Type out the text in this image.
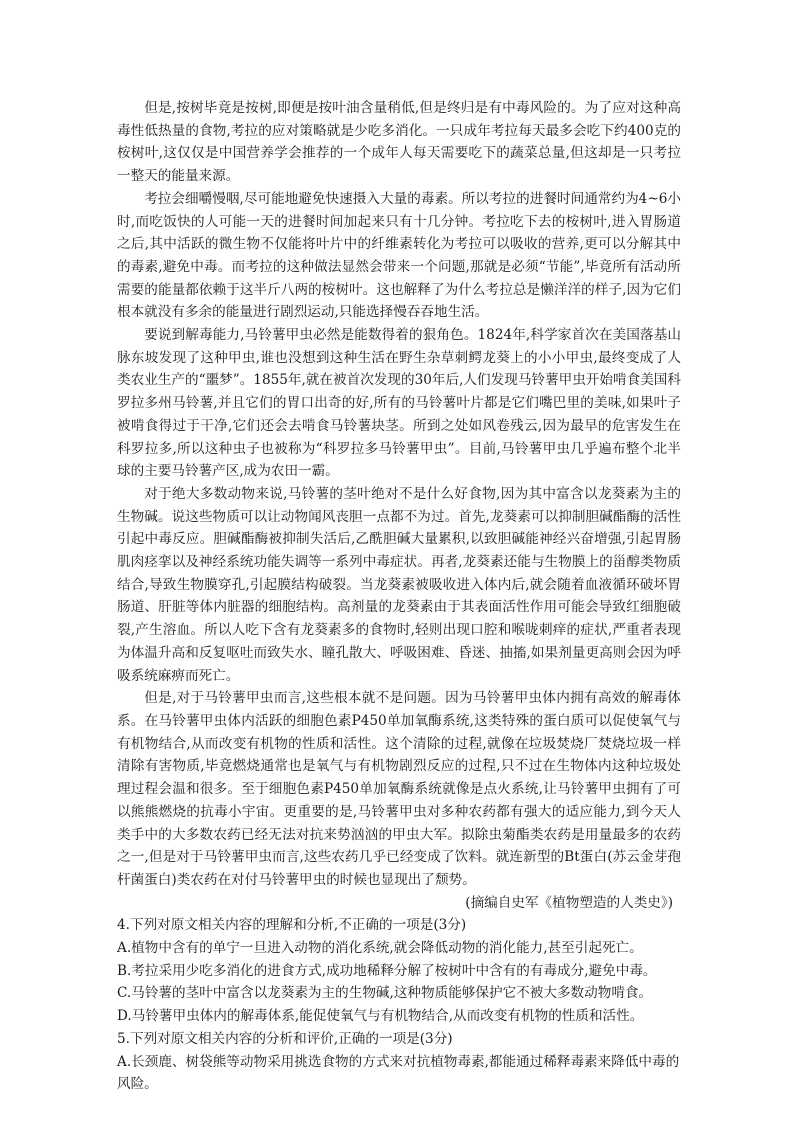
但是,按树毕竟是按树,即便是按叶油含量稍低,但是终归是有中毒风险的。为了应对这种高毒性低热量的食物,考拉的应对策略就是少吃多消化。一只成年考拉每天最多会吃下约400克的桉树叶,这仅仅是中国营养学会推荐的一个成年人每天需要吃下的蔬菜总量,但这却是一只考拉一整天的能量来源。

考拉会细嚼慢咽,尽可能地避免快速摄入大量的毒素。所以考拉的进餐时间通常约为4~6小时,而吃饭快的人可能一天的进餐时间加起来只有十几分钟。考拉吃下去的桉树叶,进入胃肠道之后,其中活跃的微生物不仅能将叶片中的纤维素转化为考拉可以吸收的营养,更可以分解其中的毒素,避免中毒。而考拉的这种做法显然会带来一个问题,那就是必须“节能”,毕竟所有活动所需要的能量都依赖于这半斤八两的桉树叶。这也解释了为什么考拉总是懒洋洋的样子,因为它们根本就没有多余的能量进行剧烈运动,只能选择慢吞吞地生活。

要说到解毒能力,马铃薯甲虫必然是能数得着的狠角色。1824年,科学家首次在美国落基山脉东坡发现了这种甲虫,谁也没想到这种生活在野生杂草刺鳄龙葵上的小小甲虫,最终变成了人类农业生产的“噩梦”。1855年,就在被首次发现的30年后,人们发现马铃薯甲虫开始啃食美国科罗拉多州马铃薯,并且它们的胃口出奇的好,所有的马铃薯叶片都是它们嘴巴里的美味,如果叶子被啃食得过于干净,它们还会去啃食马铃薯块茎。所到之处如风卷残云,因为最早的危害发生在科罗拉多,所以这种虫子也被称为“科罗拉多马铃薯甲虫”。目前,马铃薯甲虫几乎遍布整个北半球的主要马铃薯产区,成为农田一霸。

对于绝大多数动物来说,马铃薯的茎叶绝对不是什么好食物,因为其中富含以龙葵素为主的生物碱。说这些物质可以让动物闻风丧胆一点都不为过。首先,龙葵素可以抑制胆碱酯酶的活性引起中毒反应。胆碱酯酶被抑制失活后,乙酰胆碱大量累积,以致胆碱能神经兴奋增强,引起胃肠肌肉痉挛以及神经系统功能失调等一系列中毒症状。再者,龙葵素还能与生物膜上的甾醇类物质结合,导致生物膜穿孔,引起膜结构破裂。当龙葵素被吸收进入体内后,就会随着血液循环破坏胃肠道、肝脏等体内脏器的细胞结构。高剂量的龙葵素由于其表面活性作用可能会导致红细胞破裂,产生溶血。所以人吃下含有龙葵素多的食物时,轻则出现口腔和喉咙刺痒的症状,严重者表现为体温升高和反复呕吐而致失水、瞳孔散大、呼吸困难、昏迷、抽搐,如果剂量更高则会因为呼吸系统麻痹而死亡。

但是,对于马铃薯甲虫而言,这些根本就不是问题。因为马铃薯甲虫体内拥有高效的解毒体系。在马铃薯甲虫体内活跃的细胞色素P450单加氧酶系统,这类特殊的蛋白质可以促使氧气与有机物结合,从而改变有机物的性质和活性。这个清除的过程,就像在垃圾焚烧厂焚烧垃圾一样清除有害物质,毕竟燃烧通常也是氧气与有机物剧烈反应的过程,只不过在生物体内这种垃圾处理过程会温和很多。至于细胞色素P450单加氧酶系统就像是点火系统,让马铃薯甲虫拥有了可以熊熊燃烧的抗毒小宇宙。更重要的是,马铃薯甲虫对多种农药都有强大的适应能力,到今天人类手中的大多数农药已经无法对抗来势汹汹的甲虫大军。拟除虫菊酯类农药是用量最多的农药之一,但是对于马铃薯甲虫而言,这些农药几乎已经变成了饮料。就连新型的Bt蛋白(苏云金芽孢杆菌蛋白)类农药在对付马铃薯甲虫的时候也显现出了颓势。

(摘编自史军《植物塑造的人类史》)

4.下列对原文相关内容的理解和分析,不正确的一项是(3分)

A.植物中含有的单宁一旦进入动物的消化系统,就会降低动物的消化能力,甚至引起死亡。

B.考拉采用少吃多消化的进食方式,成功地稀释分解了桉树叶中含有的有毒成分,避免中毒。

C.马铃薯的茎叶中富含以龙葵素为主的生物碱,这种物质能够保护它不被大多数动物啃食。

D.马铃薯甲虫体内的解毒体系,能促使氧气与有机物结合,从而改变有机物的性质和活性。

5.下列对原文相关内容的分析和评价,正确的一项是(3分)

A.长颈鹿、树袋熊等动物采用挑选食物的方式来对抗植物毒素,都能通过稀释毒素来降低中毒的风险。
